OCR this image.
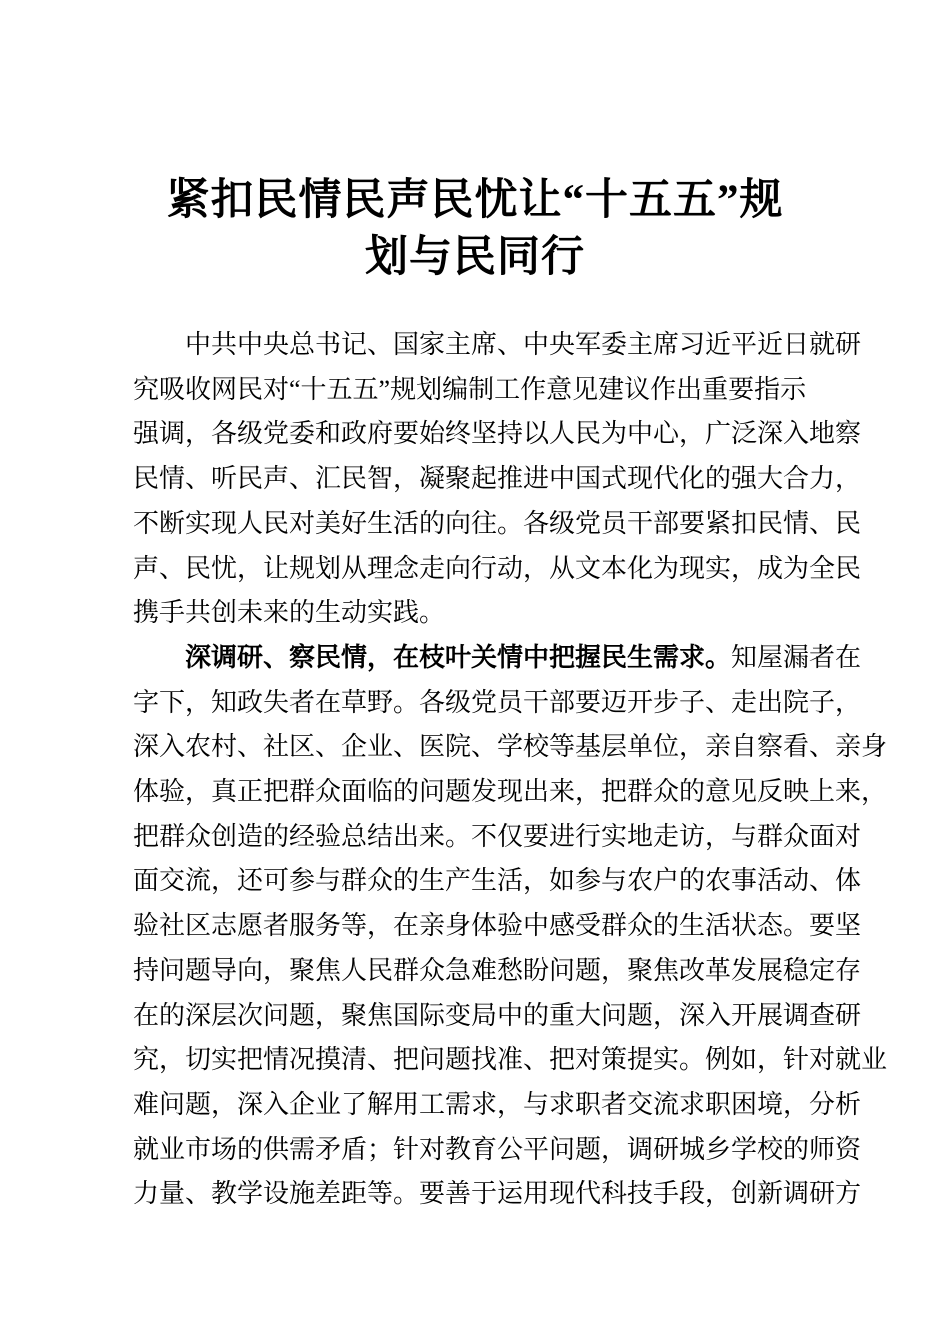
紧扣民情民声民忧让“十五五”规
划与民同行

中共中央总书记、国家主席、中央军委主席习近平近日就研
究吸收网民对“十五五”规划编制工作意见建议作出重要指示
强调，各级党委和政府要始终坚持以人民为中心，广泛深入地察
民情、听民声、汇民智，凝聚起推进中国式现代化的强大合力，
不断实现人民对美好生活的向往。各级党员干部要紧扣民情、民
声、民忧，让规划从理念走向行动，从文本化为现实，成为全民
携手共创未来的生动实践。

深调研、察民情，在枝叶关情中把握民生需求。知屋漏者在
字下，知政失者在草野。各级党员干部要迈开步子、走出院子，
深入农村、社区、企业、医院、学校等基层单位，亲自察看、亲身
体验，真正把群众面临的问题发现出来，把群众的意见反映上来，
把群众创造的经验总结出来。不仅要进行实地走访，与群众面对
面交流，还可参与群众的生产生活，如参与农户的农事活动、体
验社区志愿者服务等，在亲身体验中感受群众的生活状态。要坚
持问题导向，聚焦人民群众急难愁盼问题，聚焦改革发展稳定存
在的深层次问题，聚焦国际变局中的重大问题，深入开展调查研
究，切实把情况摸清、把问题找准、把对策提实。例如，针对就业
难问题，深入企业了解用工需求，与求职者交流求职困境，分析
就业市场的供需矛盾；针对教育公平问题，调研城乡学校的师资
力量、教学设施差距等。要善于运用现代科技手段，创新调研方
